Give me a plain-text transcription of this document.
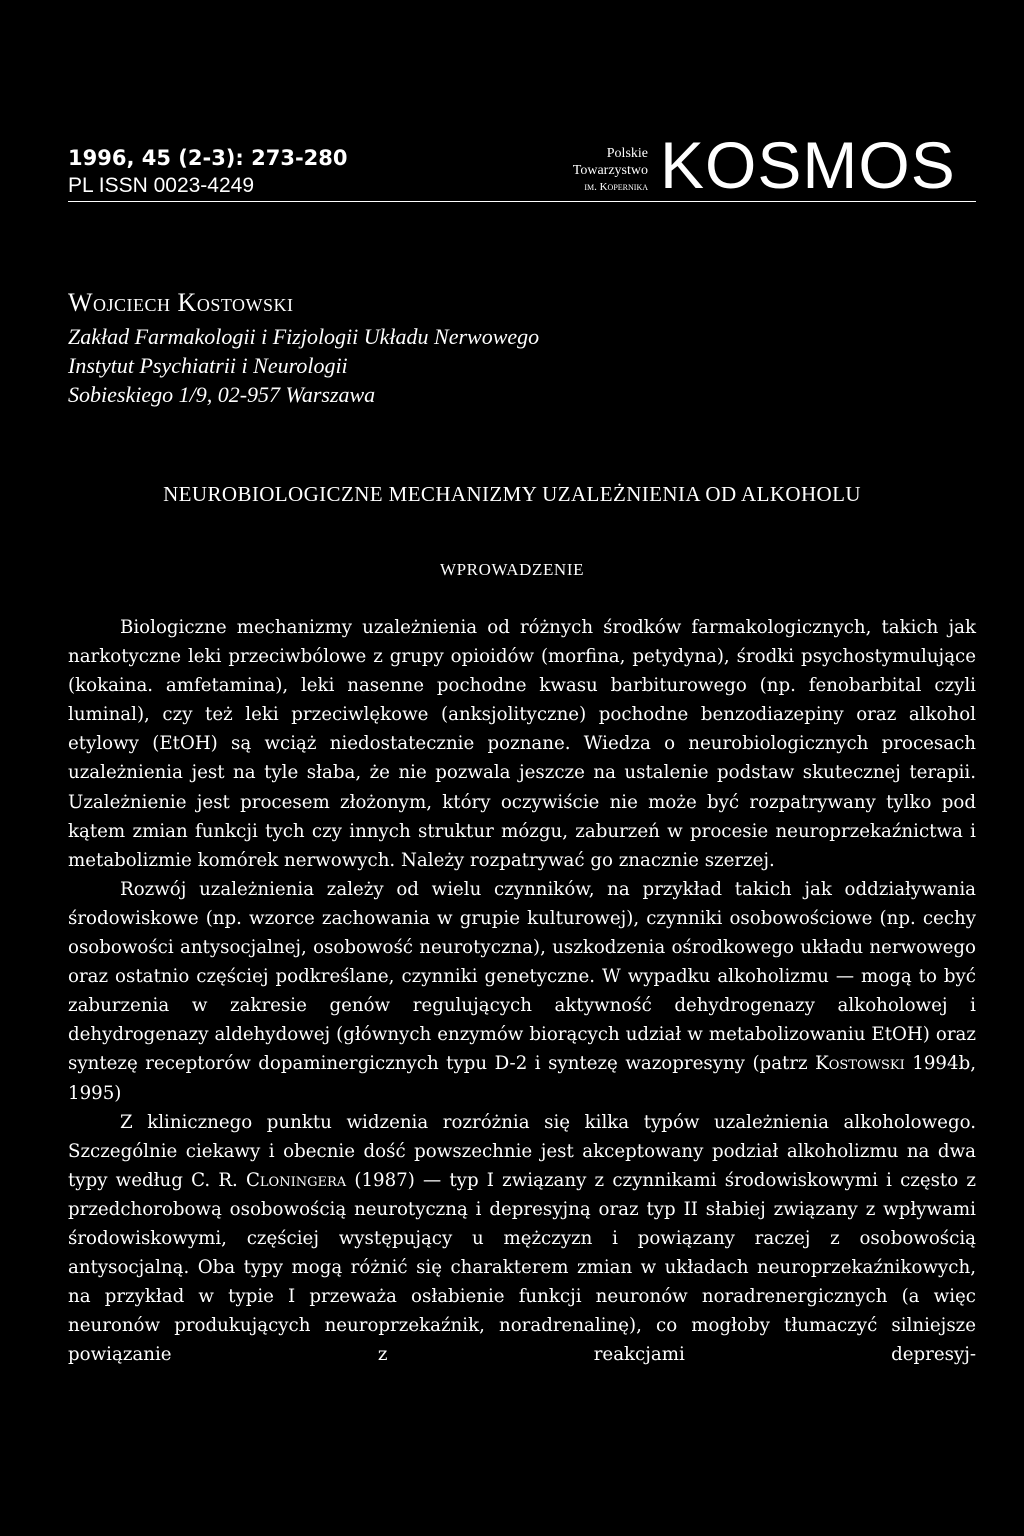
1996, 45 (2-3): 273-280

PL ISSN 0023-4249

Polskie
Towarzystwo
im. Kopernika KOSMOS
Wojciech Kostowski
Zakład Farmakologii i Fizjologii Układu Nerwowego
Instytut Psychiatrii i Neurologii
Sobieskiego 1/9, 02-957 Warszawa
NEUROBIOLOGICZNE MECHANIZMY UZALEŻNIENIA OD ALKOHOLU
WPROWADZENIE

Biologiczne mechanizmy uzależnienia od różnych środków farmakologicznych, takich jak narkotyczne leki przeciwbólowe z grupy opioidów (morfina, petydyna), środki psychostymulujące (kokaina. amfetamina), leki nasenne pochodne kwasu barbiturowego (np. fenobarbital czyli luminal), czy też leki przeciwlękowe (anksjolityczne) pochodne benzodiazepiny oraz alkohol etylowy (EtOH) są wciąż niedostatecznie poznane. Wiedza o neurobiologicznych procesach uzależnienia jest na tyle słaba, że nie pozwala jeszcze na ustalenie podstaw skutecznej terapii. Uzależnienie jest procesem złożonym, który oczywiście nie może być rozpatrywany tylko pod kątem zmian funkcji tych czy innych struktur mózgu, zaburzeń w procesie neuroprzekaźnictwa i metabolizmie komórek nerwowych. Należy rozpatrywać go znacznie szerzej.

Rozwój uzależnienia zależy od wielu czynników, na przykład takich jak oddziaływania środowiskowe (np. wzorce zachowania w grupie kulturowej), czynniki osobowościowe (np. cechy osobowości antysocjalnej, osobowość neurotyczna), uszkodzenia ośrodkowego układu nerwowego oraz ostatnio częściej podkreślane, czynniki genetyczne. W wypadku alkoholizmu — mogą to być zaburzenia w zakresie genów regulujących aktywność dehydrogenazy alkoholowej i dehydrogenazy aldehydowej (głównych enzymów biorących udział w metabolizowaniu EtOH) oraz syntezę receptorów dopaminergicznych typu D-2 i syntezę wazopresyny (patrz Kostowski 1994b, 1995)

Z klinicznego punktu widzenia rozróżnia się kilka typów uzależnienia alkoholowego. Szczególnie ciekawy i obecnie dość powszechnie jest akceptowany podział alkoholizmu na dwa typy według C. R. Cloningera (1987) — typ I związany z czynnikami środowiskowymi i często z przedchorobową osobowością neurotyczną i depresyjną oraz typ II słabiej związany z wpływami środowiskowymi, częściej występujący u mężczyzn i powiązany raczej z osobowością antysocjalną. Oba typy mogą różnić się charakterem zmian w układach neuroprzekaźnikowych, na przykład w typie I przeważa osłabienie funkcji neuronów noradrenergicznych (a więc neuronów produkujących neuroprzekaźnik, noradrenalinę), co mogłoby tłumaczyć silniejsze powiązanie z reakcjami depresyj-
